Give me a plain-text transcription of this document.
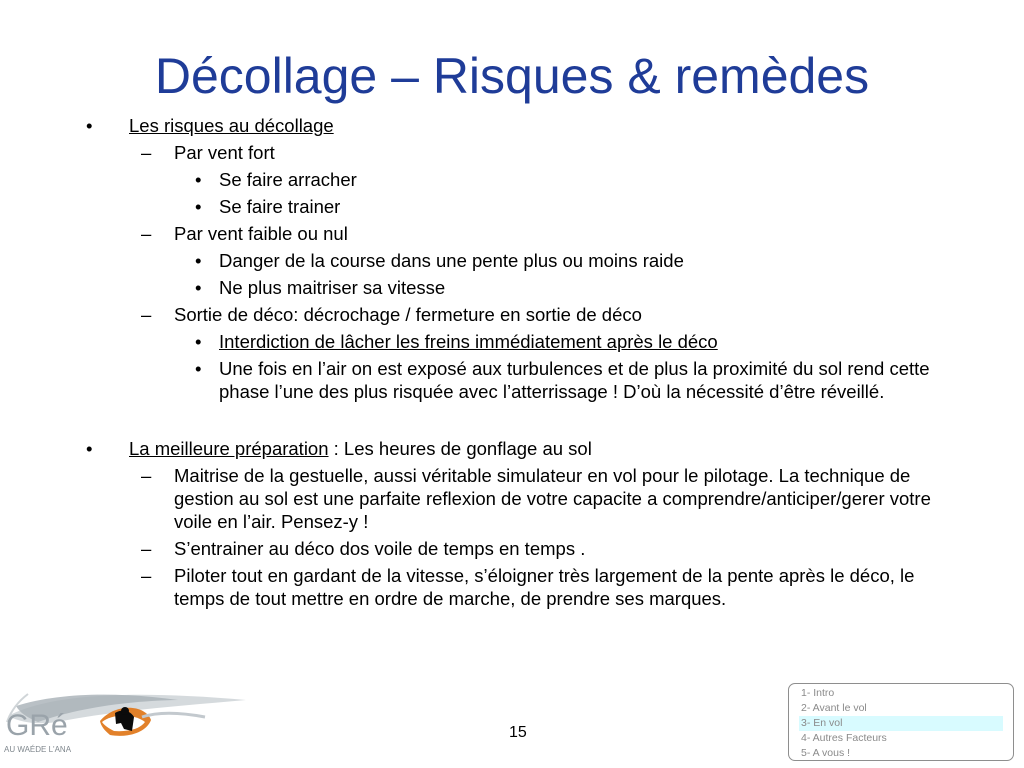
Décollage – Risques & remèdes
• Les risques au décollage
– Par vent fort
• Se faire arracher
• Se faire trainer
– Par vent faible ou nul
• Danger de la course dans une pente plus ou moins raide
• Ne plus maitriser sa vitesse
– Sortie de déco: décrochage / fermeture en sortie de déco
• Interdiction de lâcher les freins immédiatement après le déco
• Une fois en l’air on est exposé aux turbulences et de plus la proximité du sol rend cette phase l’une des plus risquée avec l’atterrissage ! D’où la nécessité d’être réveillé.
• La meilleure préparation : Les heures de gonflage au sol
– Maitrise de la gestuelle, aussi véritable simulateur en vol pour le pilotage. La technique de gestion au sol est une parfaite reflexion de votre capacite a comprendre/anticiper/gerer votre voile en l’air. Pensez-y !
– S’entrainer au déco dos voile de temps en temps .
– Piloter tout en gardant de la vitesse, s’éloigner très largement de la pente après le déco, le temps de tout mettre en ordre de marche, de prendre ses marques.
GRé
AU WAÉDE L'ANA
15
1- Intro
2- Avant le vol
3- En vol
4- Autres Facteurs
5- A vous !
